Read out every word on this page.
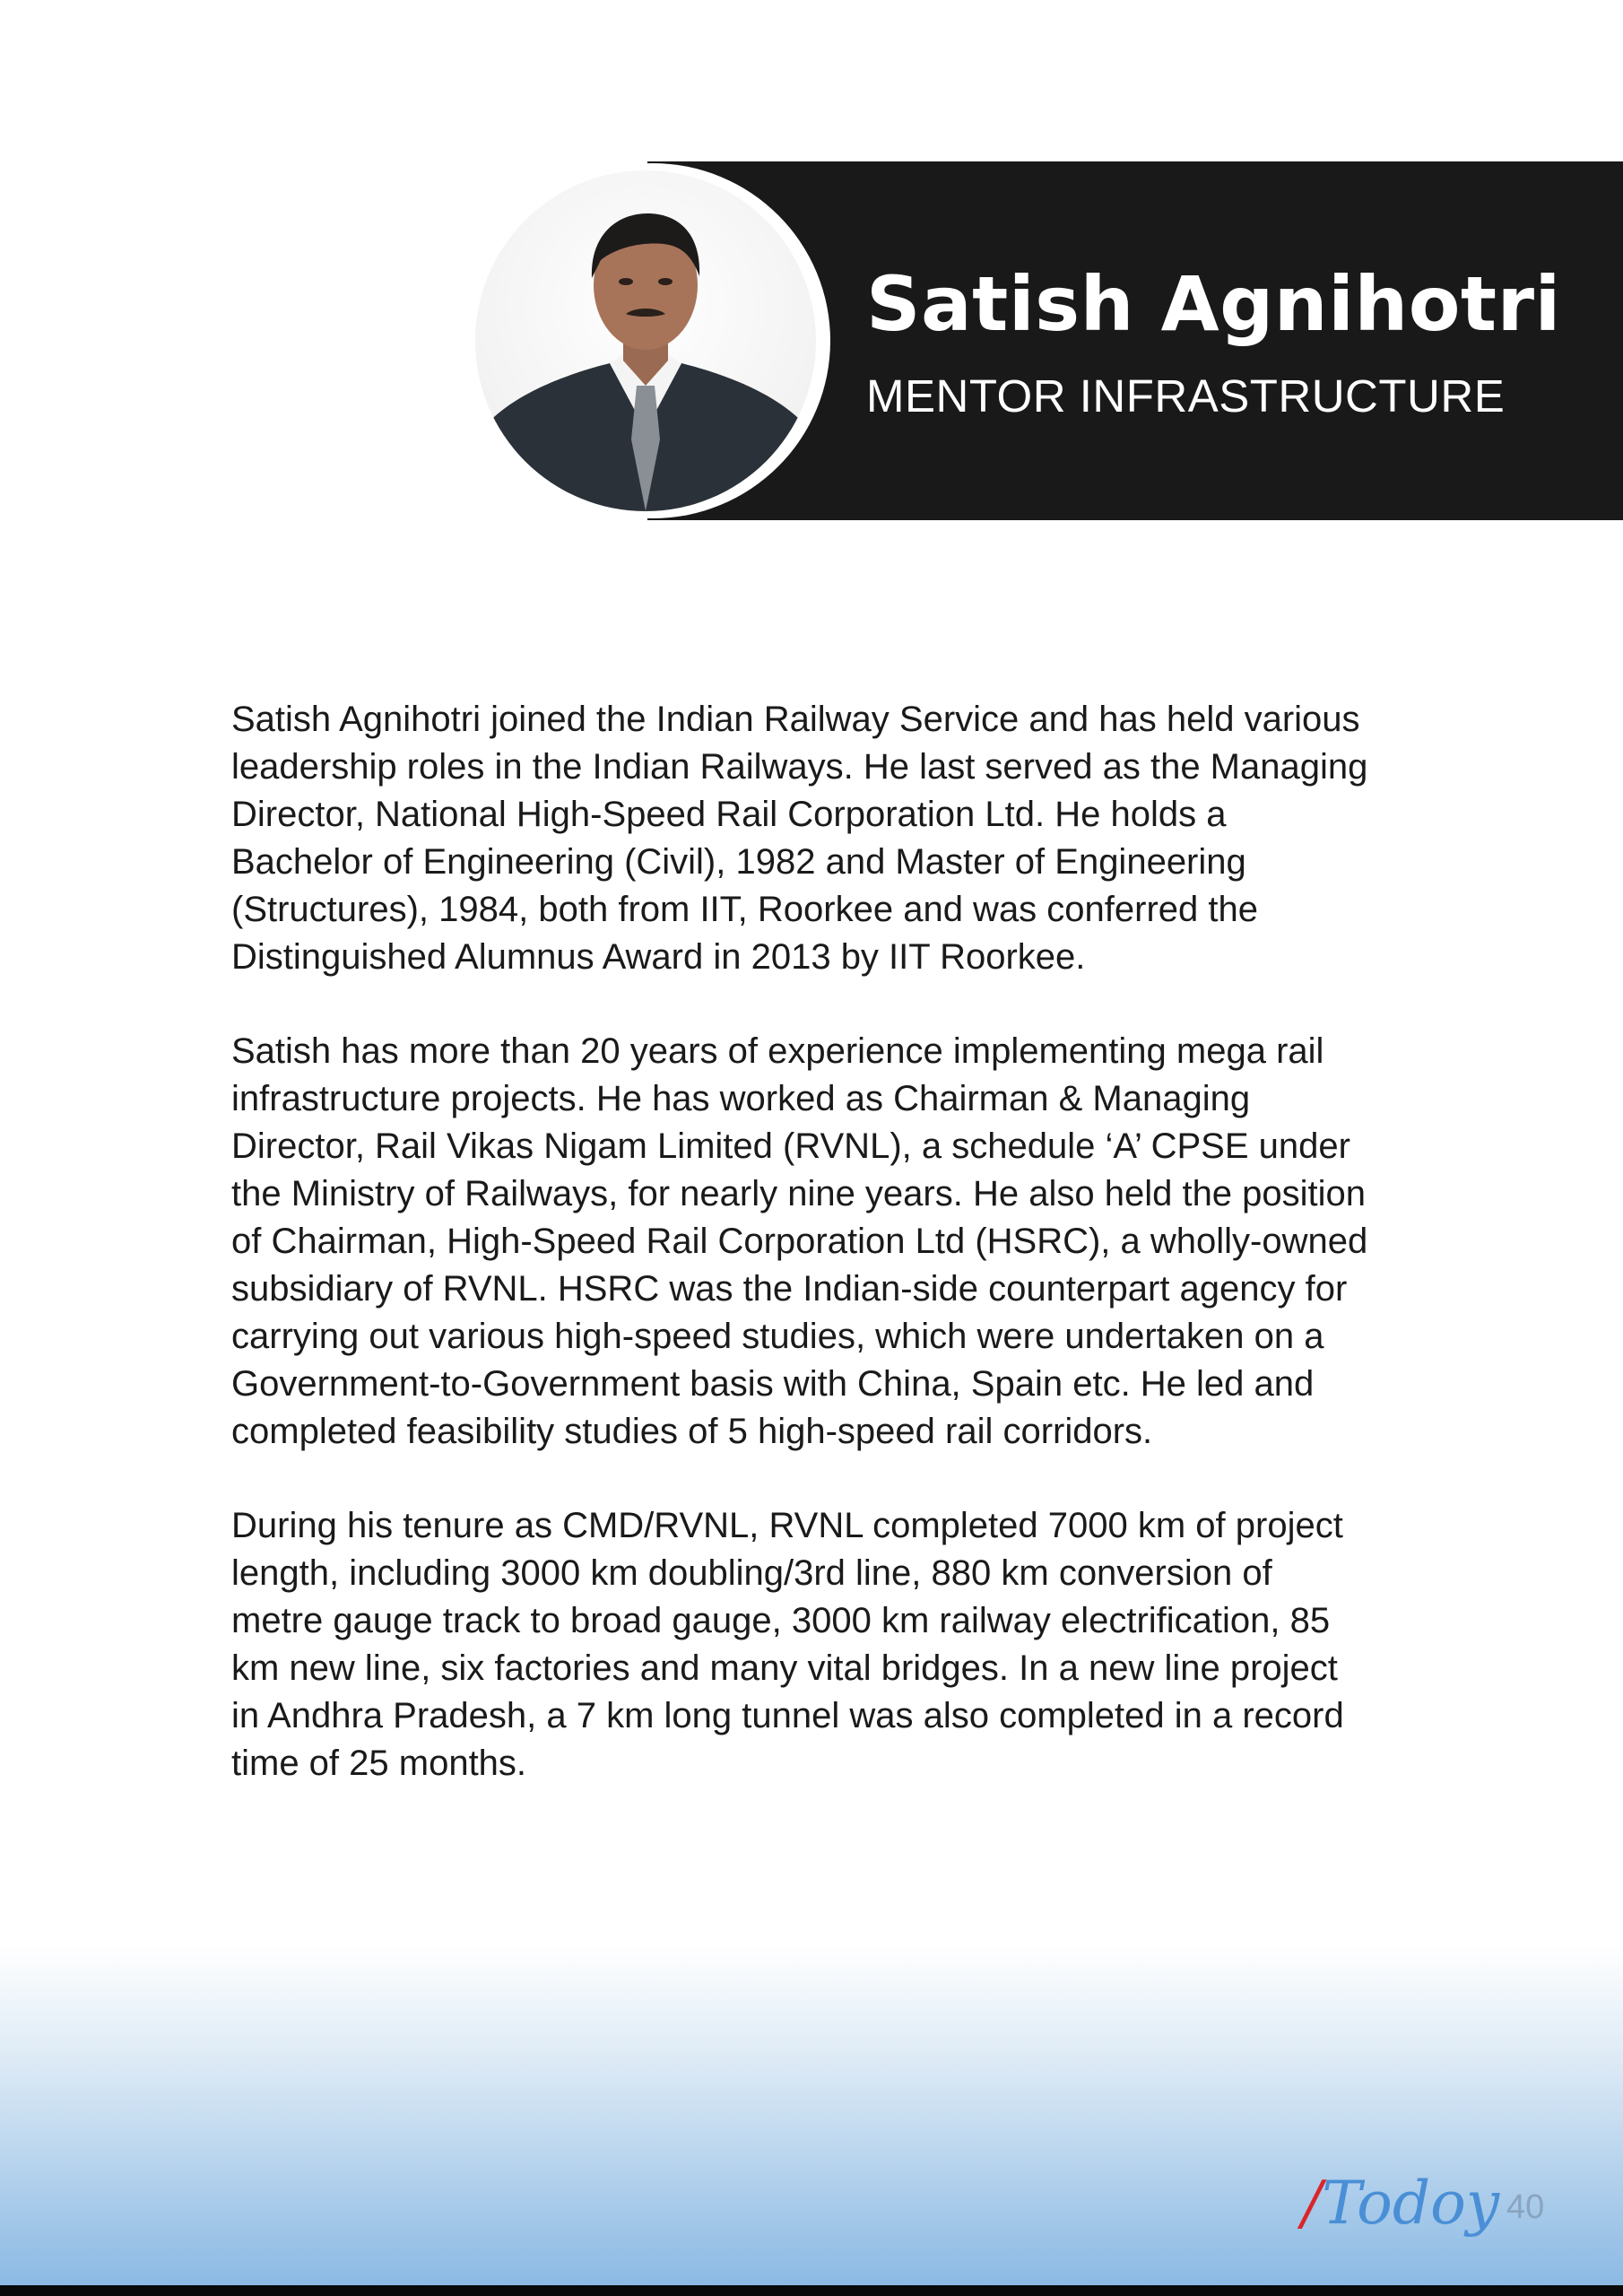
Satish Agnihotri
MENTOR INFRASTRUCTURE

Satish Agnihotri joined the Indian Railway Service and has held various
leadership roles in the Indian Railways. He last served as the Managing
Director, National High-Speed Rail Corporation Ltd. He holds a
Bachelor of Engineering (Civil), 1982 and Master of Engineering
(Structures), 1984, both from IIT, Roorkee and was conferred the
Distinguished Alumnus Award in 2013 by IIT Roorkee.

Satish has more than 20 years of experience implementing mega rail
infrastructure projects. He has worked as Chairman & Managing
Director, Rail Vikas Nigam Limited (RVNL), a schedule ‘A’ CPSE under
the Ministry of Railways, for nearly nine years. He also held the position
of Chairman, High-Speed Rail Corporation Ltd (HSRC), a wholly-owned
subsidiary of RVNL. HSRC was the Indian-side counterpart agency for
carrying out various high-speed studies, which were undertaken on a
Government-to-Government basis with China, Spain etc. He led and
completed feasibility studies of 5 high-speed rail corridors.

During his tenure as CMD/RVNL, RVNL completed 7000 km of project
length, including 3000 km doubling/3rd line, 880 km conversion of
metre gauge track to broad gauge, 3000 km railway electrification, 85
km new line, six factories and many vital bridges. In a new line project
in Andhra Pradesh, a 7 km long tunnel was also completed in a record
time of 25 months.

/Todoy 40
